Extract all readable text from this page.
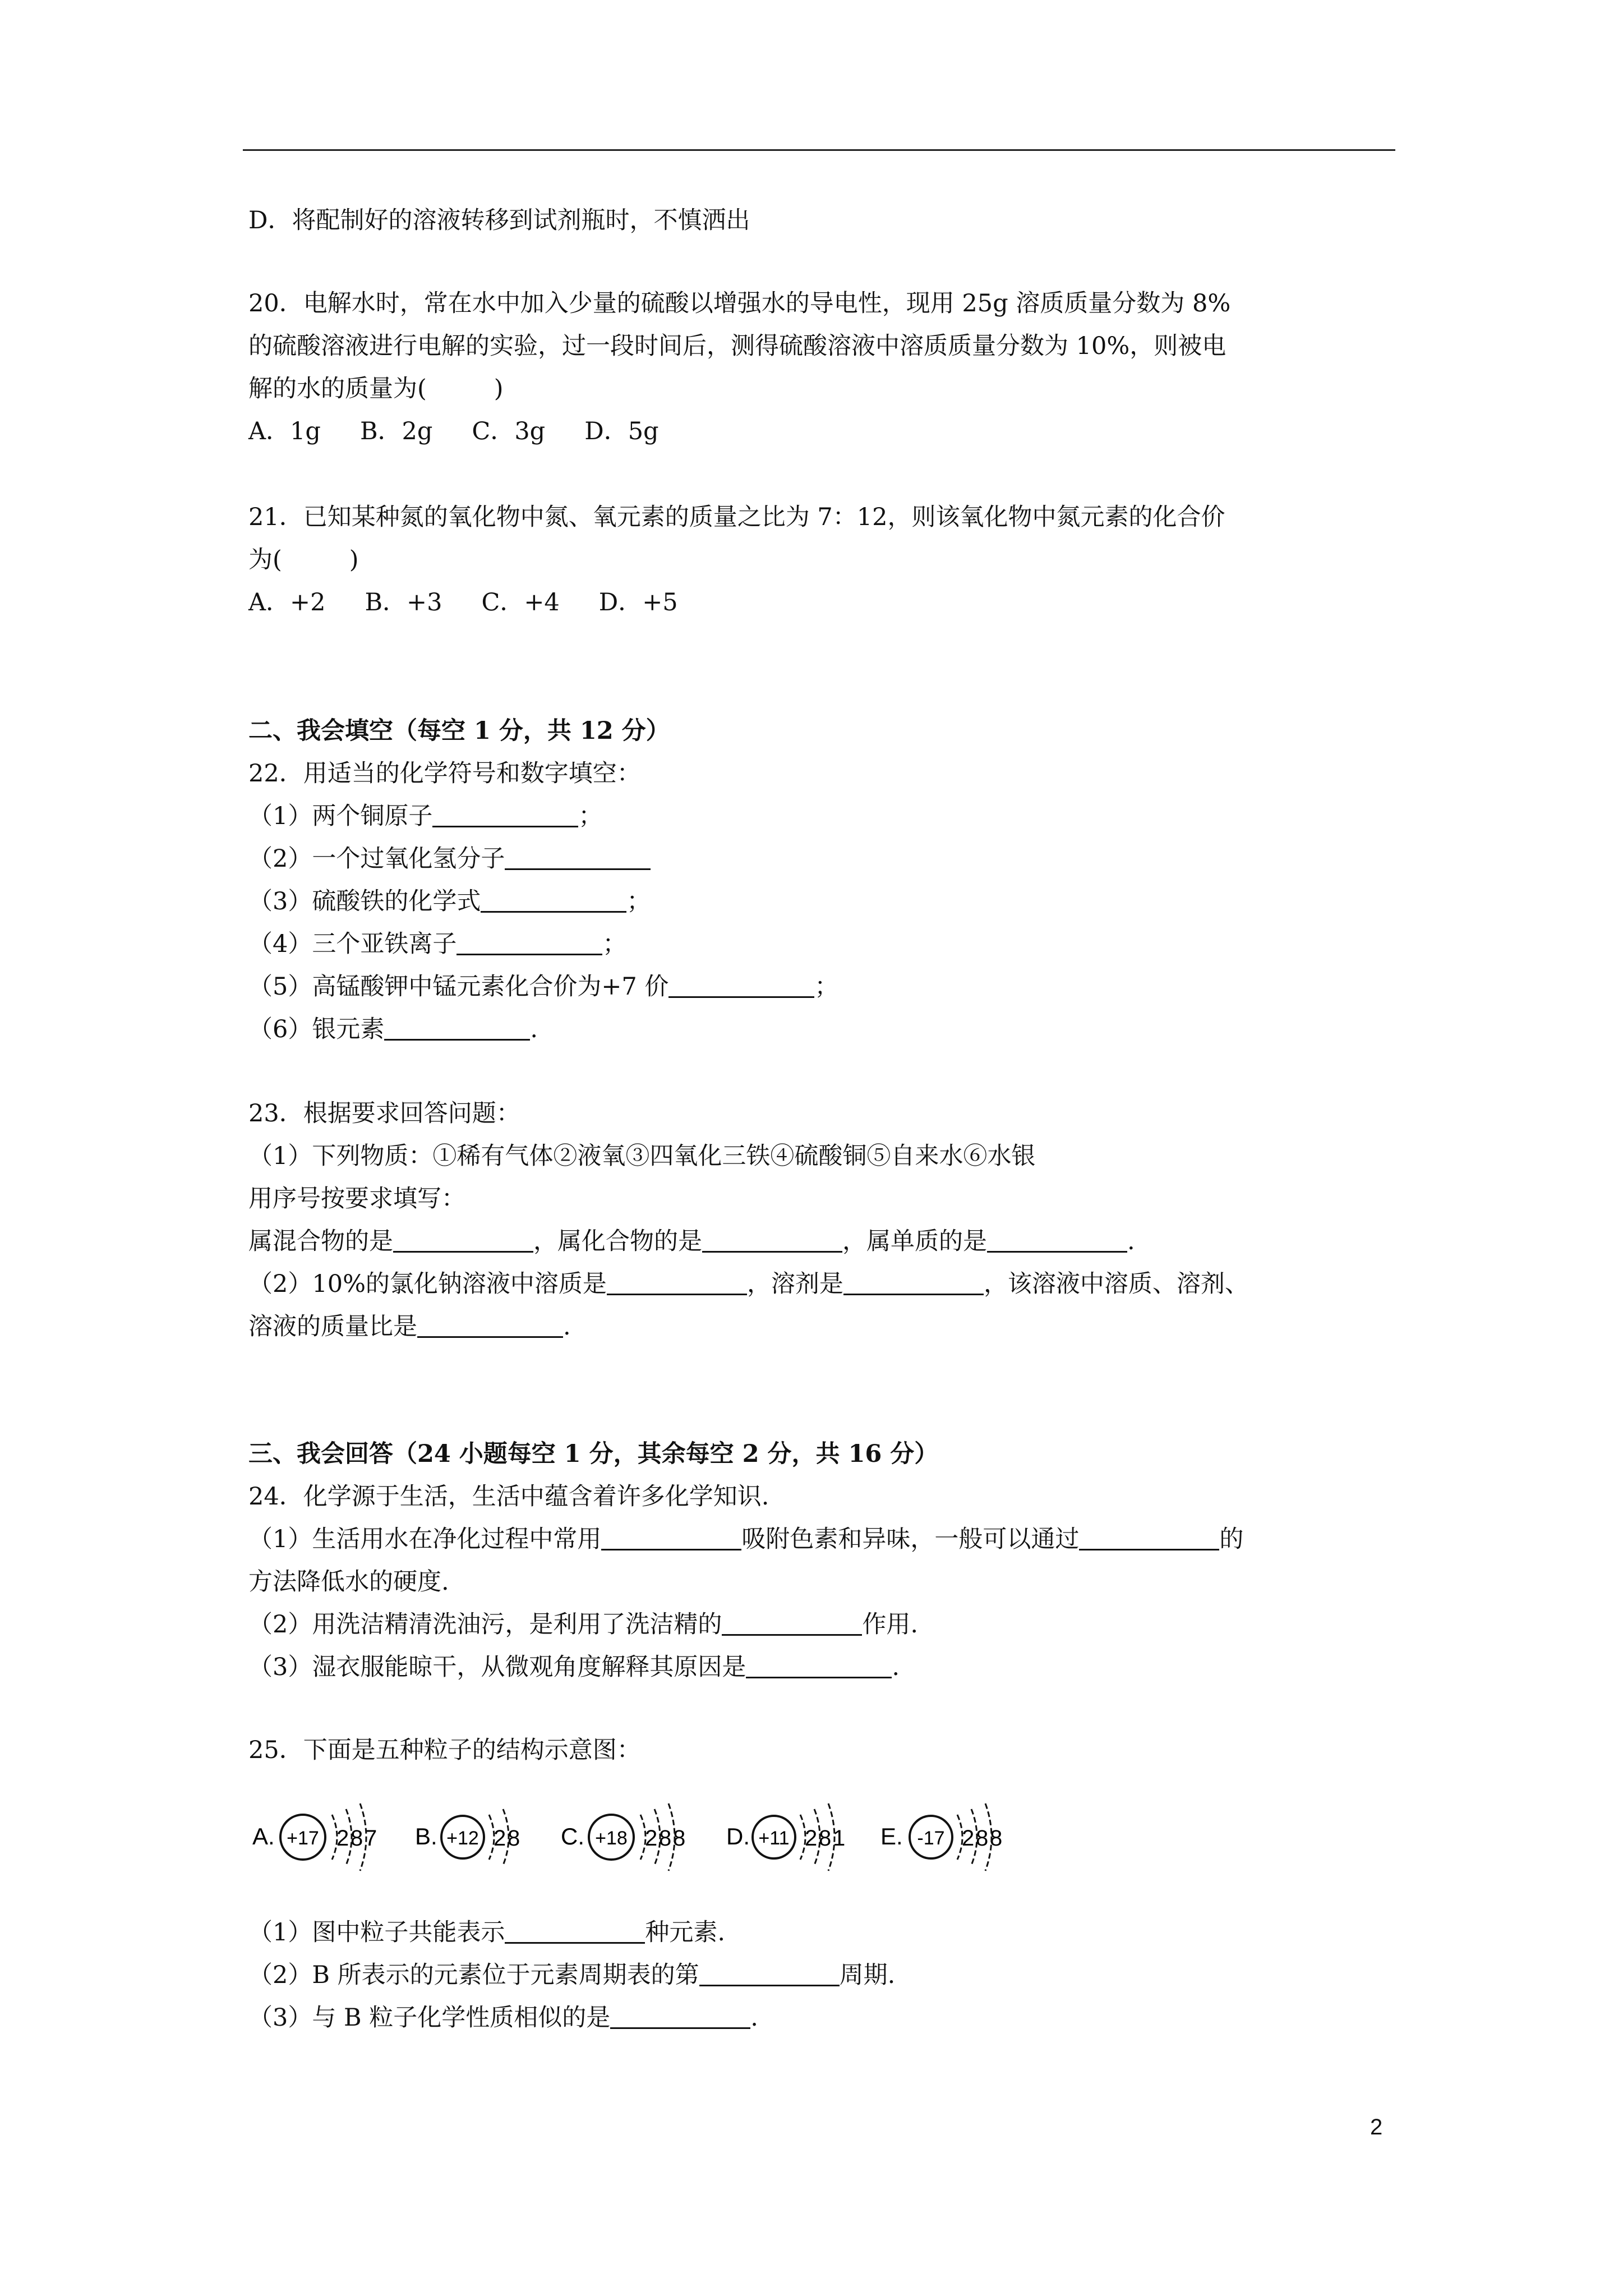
D．将配制好的溶液转移到试剂瓶时，不慎洒出
20．电解水时，常在水中加入少量的硫酸以增强水的导电性，现用 25g 溶质质量分数为 8%
的硫酸溶液进行电解的实验，过一段时间后，测得硫酸溶液中溶质质量分数为 10%，则被电
解的水的质量为(	)
A．1g B．2g C．3g D．5g
21．已知某种氮的氧化物中氮、氧元素的质量之比为 7：12，则该氧化物中氮元素的化合价
为(	)
A．+2 B．+3 C．+4 D．+5
二、我会填空（每空 1 分，共 12 分）
22．用适当的化学符号和数字填空：
（1）两个铜原子	；
（2）一个过氧化氢分子
（3）硫酸铁的化学式	；
（4）三个亚铁离子	；
（5）高锰酸钾中锰元素化合价为+7 价	；
（6）银元素	.
23．根据要求回答问题：
（1）下列物质：①稀有气体②液氧③四氧化三铁④硫酸铜⑤自来水⑥水银
用序号按要求填写：
属混合物的是	，属化合物的是	，属单质的是	.
（2）10%的氯化钠溶液中溶质是	，溶剂是	，该溶液中溶质、溶剂、
溶液的质量比是	.
三、我会回答（24 小题每空 1 分，其余每空 2 分，共 16 分）
24．化学源于生活，生活中蕴含着许多化学知识.
（1）生活用水在净化过程中常用	吸附色素和异味，一般可以通过	的
方法降低水的硬度.
（2）用洗洁精清洗油污，是利用了洗洁精的	作用.
（3）湿衣服能晾干，从微观角度解释其原因是	.
25．下面是五种粒子的结构示意图：
A. +17 2 8 7 B. +12 2 8 C. +18 2 8 8 D. +11 2 8 1 E. -17 2 8 8
（1）图中粒子共能表示	种元素.
（2）B 所表示的元素位于元素周期表的第	周期.
（3）与 B 粒子化学性质相似的是	.
2
